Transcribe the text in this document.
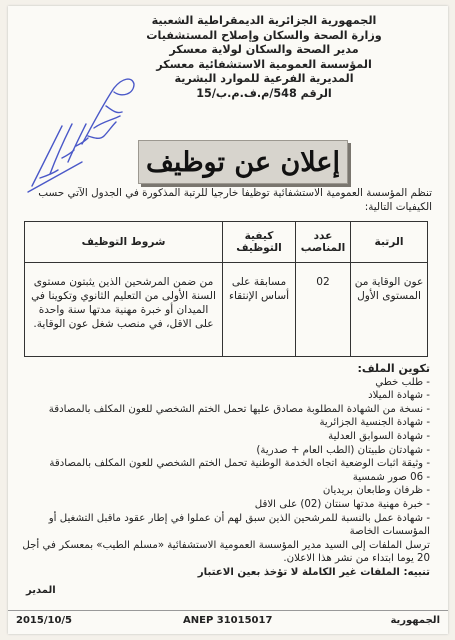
الجمهورية الجزائرية الديمقراطية الشعبية
وزارة الصحة والسكان وإصلاح المستشفيات
مدير الصحة والسكان لولاية معسكر
المؤسسة العمومية الاستشفائية معسكر
المديرية الفرعية للموارد البشرية
الرقم 548/م.ف.م.ب/15
إعلان عن توظيف
تنظم المؤسسة العمومية الاستشفائية توظيفا خارجيا للرتبة المذكورة في الجدول الآتي حسب الكيفيات التالية:
الرتبة	عدد المناصب	كيفية التوظيف	شروط التوظيف
عون الوقاية من المستوى الأول	02	مسابقة على أساس الإنتقاء	من ضمن المرشحين الذين يثبتون مستوى السنة الأولى من التعليم الثانوي وتكوينا في الميدان أو خبرة مهنية مدتها سنة واحدة على الاقل، في منصب شغل عون الوقاية.
تكوين الملف:
- طلب خطي
- شهادة الميلاد
- نسخة من الشهادة المطلوبة مصادق عليها تحمل الختم الشخصي للعون المكلف بالمصادقة
- شهادة الجنسية الجزائرية
- شهادة السوابق العدلية
- شهادتان طبيتان (الطب العام + صدرية)
- وثيقة اثبات الوضعية اتجاه الخدمة الوطنية تحمل الختم الشخصي للعون المكلف بالمصادقة
- 06 صور شمسية
- ظرفان وطابعان بريديان
- خبرة مهنية مدتها سنتان (02) على الاقل
- شهادة عمل بالنسبة للمرشحين الذين سبق لهم أن عملوا في إطار عقود ماقبل التشغيل أو المؤسسات الخاصة
ترسل الملفات إلى السيد مدير المؤسسة العمومية الاستشفائية «مسلم الطيب» بمعسكر في أجل 20 يوما ابتداء من نشر هذا الاعلان.
تنبيه: الملفات غير الكاملة لا تؤخذ بعين الاعتبار
المدير
2015/10/5	ANEP 31015017	الجمهورية
